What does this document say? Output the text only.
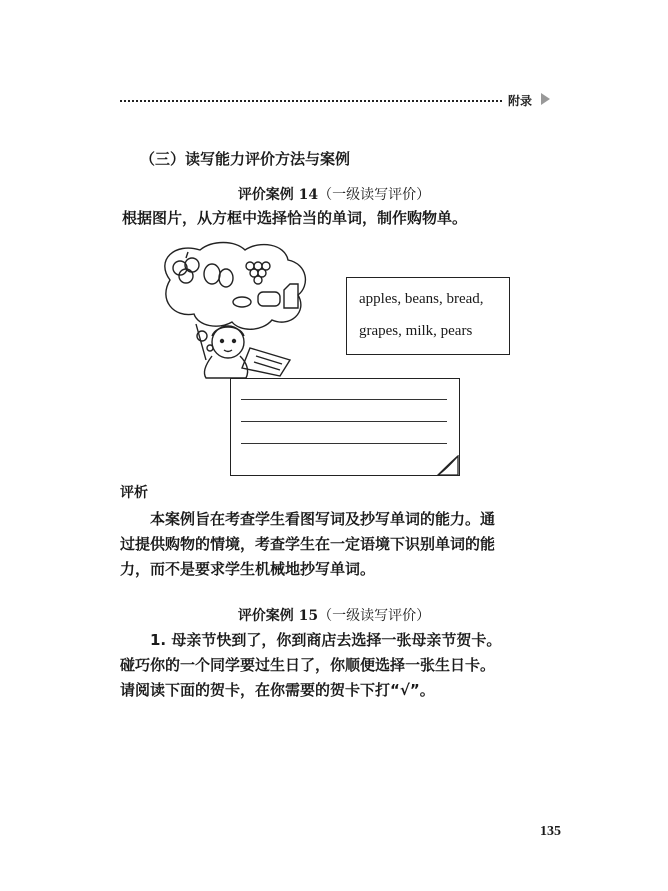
附录
（三）读写能力评价方法与案例
评价案例 14（一级读写评价）
根据图片，从方框中选择恰当的单词，制作购物单。
apples, beans, bread,
grapes, milk, pears
评析
本案例旨在考查学生看图写词及抄写单词的能力。通
过提供购物的情境，考查学生在一定语境下识别单词的能
力，而不是要求学生机械地抄写单词。
评价案例 15（一级读写评价）
1. 母亲节快到了，你到商店去选择一张母亲节贺卡。
碰巧你的一个同学要过生日了，你顺便选择一张生日卡。
请阅读下面的贺卡，在你需要的贺卡下打“√”。
135
